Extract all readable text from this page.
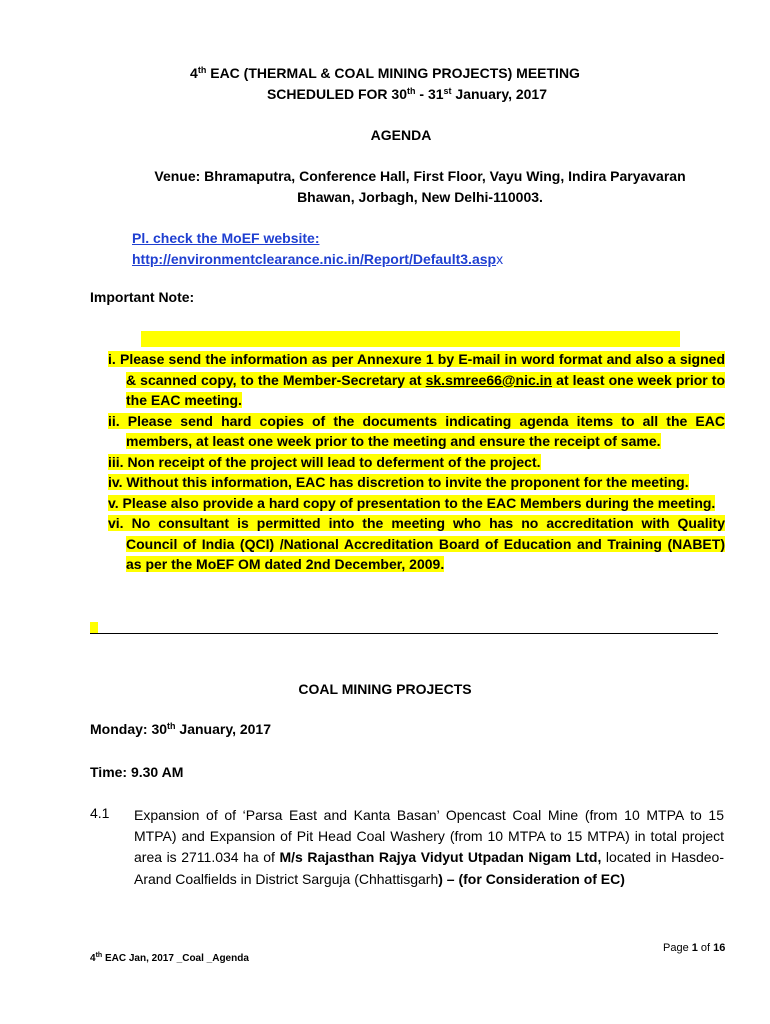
4th EAC (THERMAL & COAL MINING PROJECTS) MEETING
SCHEDULED FOR 30th - 31st January, 2017
AGENDA
Venue: Bhramaputra, Conference Hall, First Floor, Vayu Wing, Indira Paryavaran
Bhawan, Jorbagh, New Delhi-110003.
Pl. check the MoEF website:
http://environmentclearance.nic.in/Report/Default3.aspx
Important Note:

i. Please send the information as per Annexure 1 by E-mail in word format and also a signed & scanned copy, to the Member-Secretary at sk.smree66@nic.in at least one week prior to the EAC meeting.

ii. Please send hard copies of the documents indicating agenda items to all the EAC members, at least one week prior to the meeting and ensure the receipt of same.

iii. Non receipt of the project will lead to deferment of the project.

iv. Without this information, EAC has discretion to invite the proponent for the meeting.

v. Please also provide a hard copy of presentation to the EAC Members during the meeting.

vi. No consultant is permitted into the meeting who has no accreditation with Quality Council of India (QCI) /National Accreditation Board of Education and Training (NABET) as per the MoEF OM dated 2nd December, 2009.

COAL MINING PROJECTS
Monday: 30th January, 2017
Time: 9.30 AM
4.1 Expansion of of ‘Parsa East and Kanta Basan’ Opencast Coal Mine (from 10 MTPA to 15 MTPA) and Expansion of Pit Head Coal Washery (from 10 MTPA to 15 MTPA) in total project area is 2711.034 ha of M/s Rajasthan Rajya Vidyut Utpadan Nigam Ltd, located in Hasdeo-Arand Coalfields in District Sarguja (Chhattisgarh) – (for Consideration of EC)
Page 1 of 16
4th EAC Jan, 2017 _Coal _Agenda
